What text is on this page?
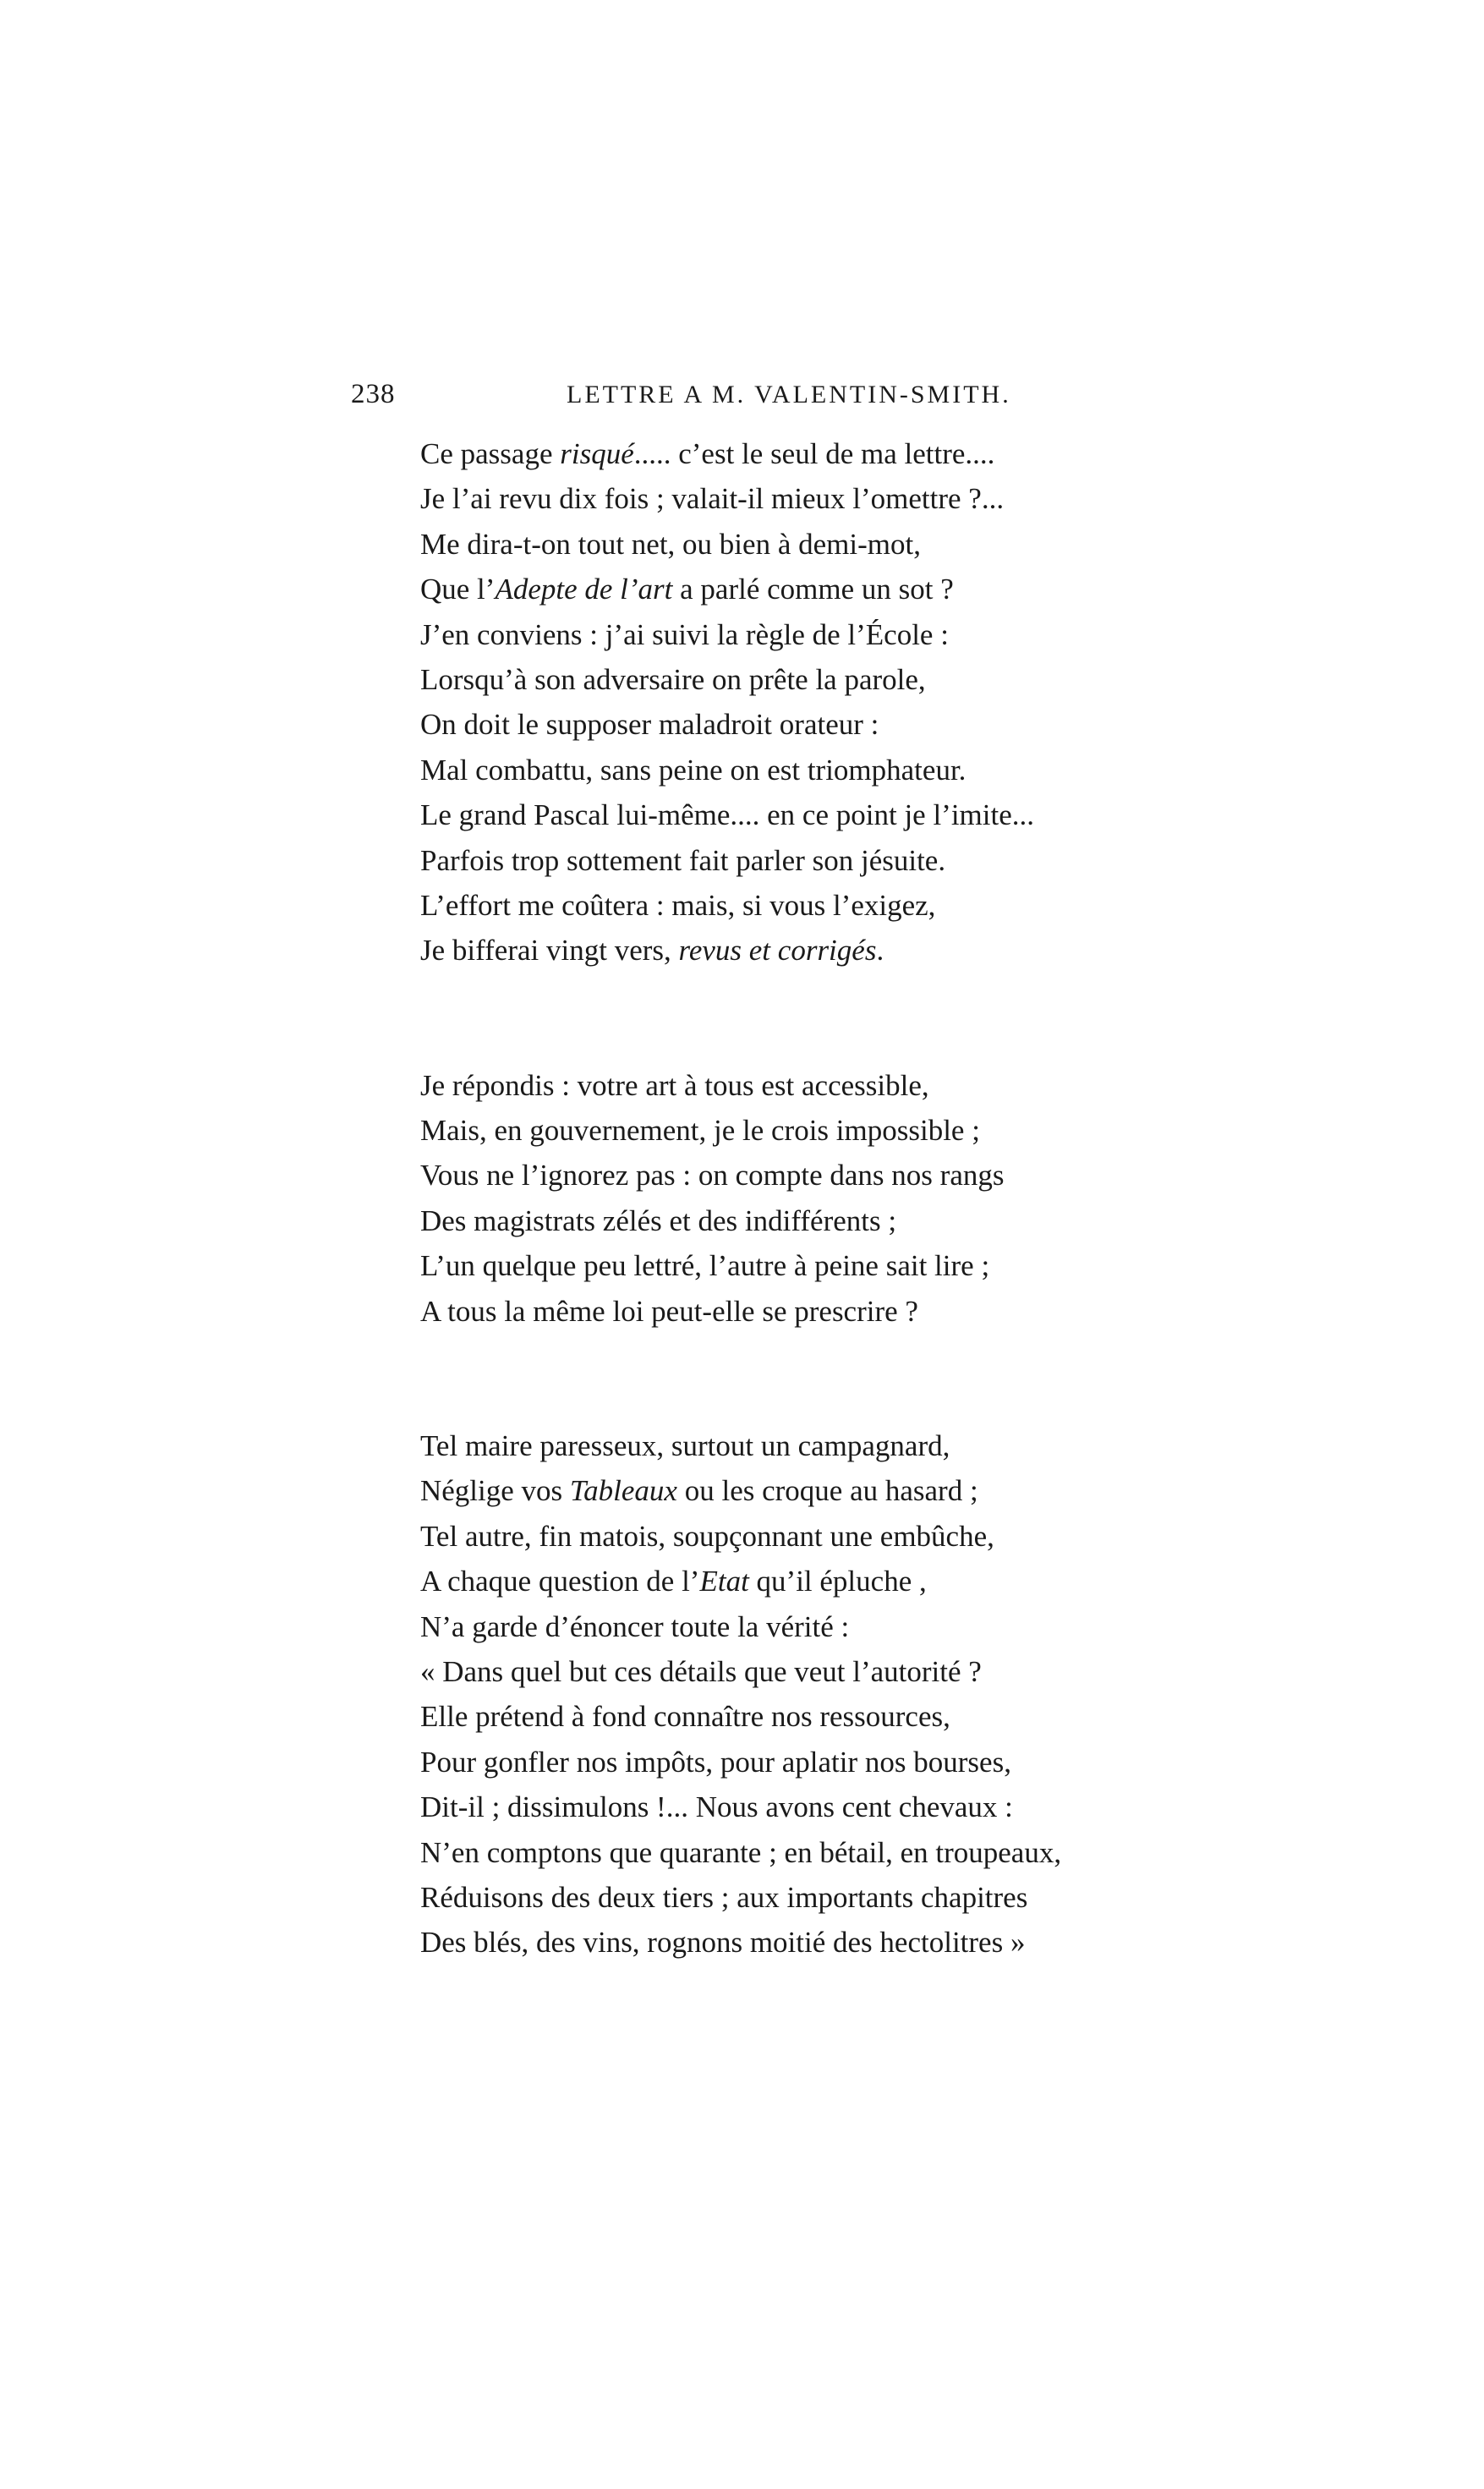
238	LETTRE A M. VALENTIN-SMITH.
Ce passage risqué..... c’est le seul de ma lettre....
Je l’ai revu dix fois ; valait-il mieux l’omettre ?...
Me dira-t-on tout net, ou bien à demi-mot,
Que l’Adepte de l’art a parlé comme un sot ?
J’en conviens : j’ai suivi la règle de l’École :
Lorsqu’à son adversaire on prête la parole,
On doit le supposer maladroit orateur :
Mal combattu, sans peine on est triomphateur.
Le grand Pascal lui-même.... en ce point je l’imite...
Parfois trop sottement fait parler son jésuite.
L’effort me coûtera : mais, si vous l’exigez,
Je bifferai vingt vers, revus et corrigés.
Je répondis : votre art à tous est accessible,
Mais, en gouvernement, je le crois impossible ;
Vous ne l’ignorez pas : on compte dans nos rangs
Des magistrats zélés et des indifférents ;
L’un quelque peu lettré, l’autre à peine sait lire ;
A tous la même loi peut-elle se prescrire ?
Tel maire paresseux, surtout un campagnard,
Néglige vos Tableaux ou les croque au hasard ;
Tel autre, fin matois, soupçonnant une embûche,
A chaque question de l’Etat qu’il épluche ,
N’a garde d’énoncer toute la vérité :
« Dans quel but ces détails que veut l’autorité ?
Elle prétend à fond connaître nos ressources,
Pour gonfler nos impôts, pour aplatir nos bourses,
Dit-il ; dissimulons !... Nous avons cent chevaux :
N’en comptons que quarante ; en bétail, en troupeaux,
Réduisons des deux tiers ; aux importants chapitres
Des blés, des vins, rognons moitié des hectolitres »
